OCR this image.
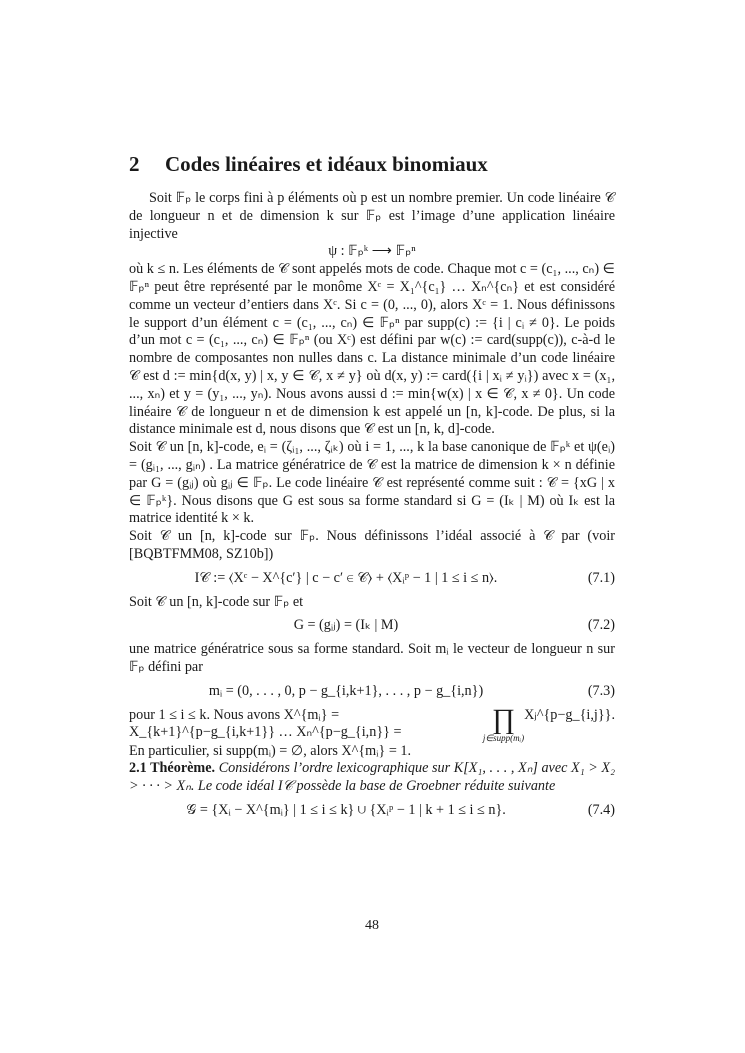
2 Codes linéaires et idéaux binomiaux

Soit 𝔽ₚ le corps fini à p éléments où p est un nombre premier. Un code linéaire 𝒞 de longueur n et de dimension k sur 𝔽ₚ est l’image d’une application linéaire injective

ψ : 𝔽ₚᵏ ⟶ 𝔽ₚⁿ

où k ≤ n. Les éléments de 𝒞 sont appelés mots de code. Chaque mot c = (c₁, ..., cₙ) ∈ 𝔽ₚⁿ peut être représenté par le monôme Xᶜ = X₁^{c₁} … Xₙ^{cₙ} et est considéré comme un vecteur d’entiers dans Xᶜ. Si c = (0, ..., 0), alors Xᶜ = 1. Nous définissons le support d’un élément c = (c₁, ..., cₙ) ∈ 𝔽ₚⁿ par supp(c) := {i | cᵢ ≠ 0}. Le poids d’un mot c = (c₁, ..., cₙ) ∈ 𝔽ₚⁿ (ou Xᶜ) est défini par w(c) := card(supp(c)), c-à-d le nombre de composantes non nulles dans c. La distance minimale d’un code linéaire 𝒞 est d := min{d(x, y) | x, y ∈ 𝒞, x ≠ y} où d(x, y) := card({i | xᵢ ≠ yᵢ}) avec x = (x₁, ..., xₙ) et y = (y₁, ..., yₙ). Nous avons aussi d := min{w(x) | x ∈ 𝒞, x ≠ 0}. Un code linéaire 𝒞 de longueur n et de dimension k est appelé un [n, k]-code. De plus, si la distance minimale est d, nous disons que 𝒞 est un [n, k, d]-code.

Soit 𝒞 un [n, k]-code, eᵢ = (ζᵢ₁, ..., ζᵢₖ) où i = 1, ..., k la base canonique de 𝔽ₚᵏ et ψ(eᵢ) = (gᵢ₁, ..., gᵢₙ) . La matrice génératrice de 𝒞 est la matrice de dimension k × n définie par G = (gᵢⱼ) où gᵢⱼ ∈ 𝔽ₚ. Le code linéaire 𝒞 est représenté comme suit : 𝒞 = {xG | x ∈ 𝔽ₚᵏ}. Nous disons que G est sous sa forme standard si G = (Iₖ | M) où Iₖ est la matrice identité k × k.

Soit 𝒞 un [n, k]-code sur 𝔽ₚ. Nous définissons l’idéal associé à 𝒞 par (voir [BQBTFMM08, SZ10b])

I𝒞 := ⟨Xᶜ − X^{c′} | c − c′ ∈ 𝒞⟩ + ⟨Xᵢᵖ − 1 | 1 ≤ i ≤ n⟩.	(7.1)

Soit 𝒞 un [n, k]-code sur 𝔽ₚ et

G = (gᵢⱼ) = (Iₖ | M)	(7.2)

une matrice génératrice sous sa forme standard. Soit mᵢ le vecteur de longueur n sur 𝔽ₚ défini par

mᵢ = (0, . . . , 0, p − g_{i,k+1}, . . . , p − g_{i,n})	(7.3)
pour 1 ≤ i ≤ k. Nous avons X^{mᵢ} = X_{k+1}^{p−g_{i,k+1}} … Xₙ^{p−g_{i,n}} =	∏
j∈supp(mᵢ)
Xⱼ^{p−g_{i,j}}.

En particulier, si supp(mᵢ) = ∅, alors X^{mᵢ} = 1.

2.1 Théorème. Considérons l’ordre lexicographique sur K[X₁, . . . , Xₙ] avec X₁ > X₂ > · · · > Xₙ. Le code idéal I𝒞 possède la base de Groebner réduite suivante

𝒢 = {Xᵢ − X^{mᵢ} | 1 ≤ i ≤ k} ∪ {Xᵢᵖ − 1 | k + 1 ≤ i ≤ n}.	(7.4)
48
